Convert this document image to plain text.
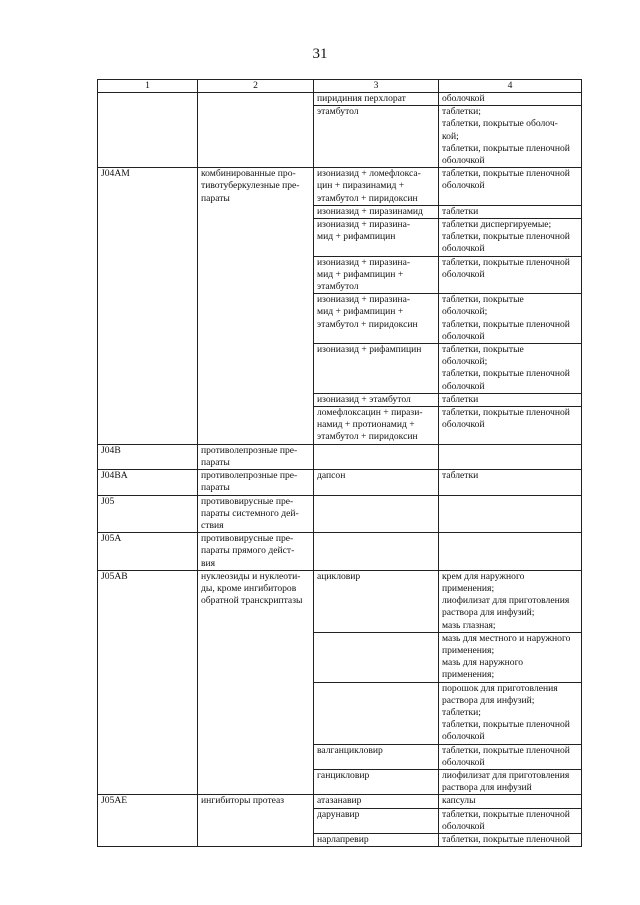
31
1	2	3	4
		пиридиния перхлорат	оболочкой

		этамбутол	таблетки;
таблетки, покрытые оболоч-
кой;
таблетки, покрытые пленочной
оболочкой

J04AM	комбинированные про-
тивотуберкулезные пре-
параты	изониазид + ломефлокса-
цин + пиразинамид +
этамбутол + пиридоксин	таблетки, покрытые пленочной
оболочкой

		изониазид + пиразинамид	таблетки

		изониазид + пиразина-
мид + рифампицин	таблетки диспергируемые;
таблетки, покрытые пленочной
оболочкой

		изониазид + пиразина-
мид + рифампицин +
этамбутол	таблетки, покрытые пленочной
оболочкой

		изониазид + пиразина-
мид + рифампицин +
этамбутол + пиридоксин	таблетки, покрытые
оболочкой;
таблетки, покрытые пленочной
оболочкой

		изониазид + рифампицин	таблетки, покрытые
оболочкой;
таблетки, покрытые пленочной
оболочкой

		изониазид + этамбутол	таблетки

		ломефлоксацин + пирази-
намид + протионамид +
этамбутол + пиридоксин	таблетки, покрытые пленочной
оболочкой

J04B	противолепрозные пре-
параты		

J04BA	противолепрозные пре-
параты	дапсон	таблетки

J05	противовирусные пре-
параты системного дей-
ствия		

J05A	противовирусные пре-
параты прямого дейст-
вия		

J05AB	нуклеозиды и нуклеоти-
ды, кроме ингибиторов
обратной транскриптазы	ацикловир	крем для наружного
применения;
лиофилизат для приготовления
раствора для инфузий;
мазь глазная;

			мазь для местного и наружного
применения;
мазь для наружного
применения;

			порошок для приготовления
раствора для инфузий;
таблетки;
таблетки, покрытые пленочной
оболочкой

		валганцикловир	таблетки, покрытые пленочной
оболочкой

		ганцикловир	лиофилизат для приготовления
раствора для инфузий

J05AE	ингибиторы протеаз	атазанавир	капсулы

		дарунавир	таблетки, покрытые пленочной
оболочкой

		нарлапревир	таблетки, покрытые пленочной
